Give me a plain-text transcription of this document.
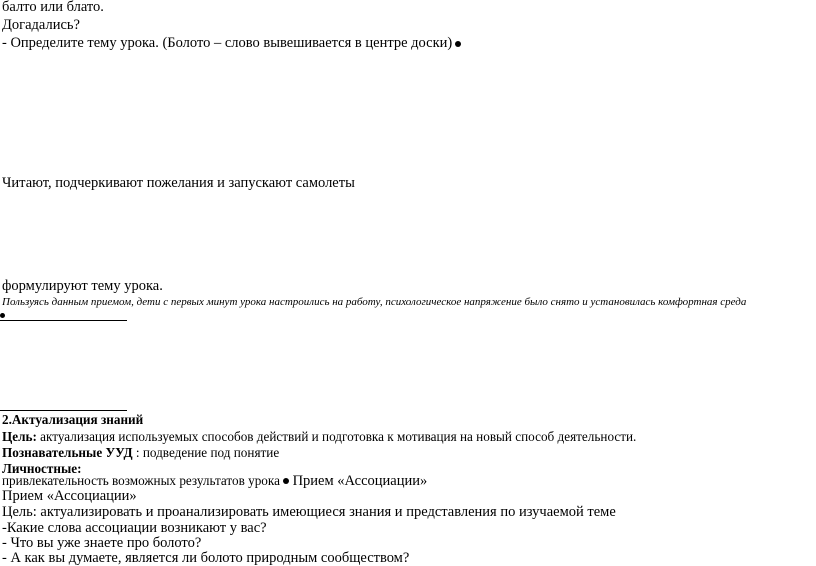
балто или блато.
Догадались?
- Определите тему урока. (Болото – слово вывешивается в центре доски)
Читают, подчеркивают пожелания и запускают самолеты
формулируют тему урока.
Пользуясь данным приемом, дети с первых минут урока настроились на работу, психологическое напряжение было снято и установилась комфортная среда
2.Актуализация знаний
Цель: актуализация используемых способов действий и подготовка к мотивация на новый способ деятельности.
Познавательные УУД : подведение под понятие
Личностные:
привлекательность возможных результатов урока Прием «Ассоциации»
Прием «Ассоциации»
Цель: актуализировать и проанализировать имеющиеся знания и представления по изучаемой теме
-Какие слова ассоциации возникают у вас?
- Что вы уже знаете про болото?
- А как вы думаете, является ли болото природным сообществом?
